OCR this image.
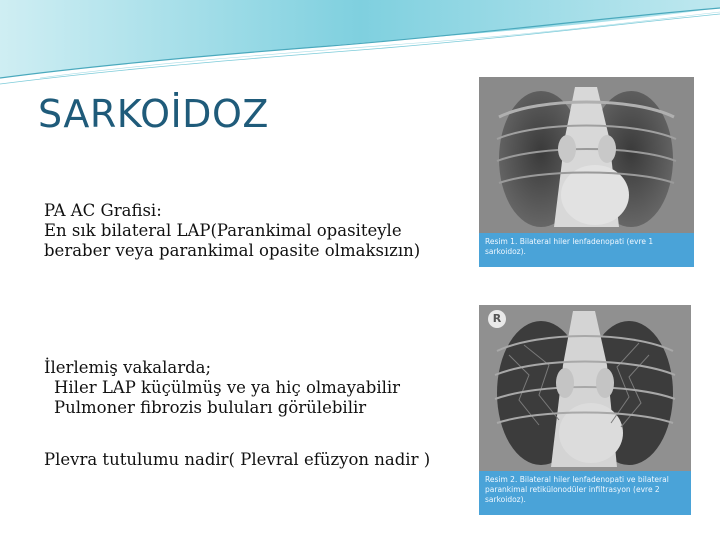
SARKOİDOZ
PA AC Grafisi:
En sık bilateral LAP(Parankimal opasiteyle
beraber veya parankimal opasite olmaksızın)
İlerlemiş vakalarda;
Hiler LAP küçülmüş ve ya hiç olmayabilir
Pulmoner fibrozis buluları görülebilir
Plevra tutulumu nadir( Plevral efüzyon nadir )
Resim 1. Bilateral hiler lenfadenopati (evre 1 sarkoidoz).
R
Resim 2. Bilateral hiler lenfadenopati ve bilateral parankimal retikülonodüler infiltrasyon (evre 2 sarkoidoz).
